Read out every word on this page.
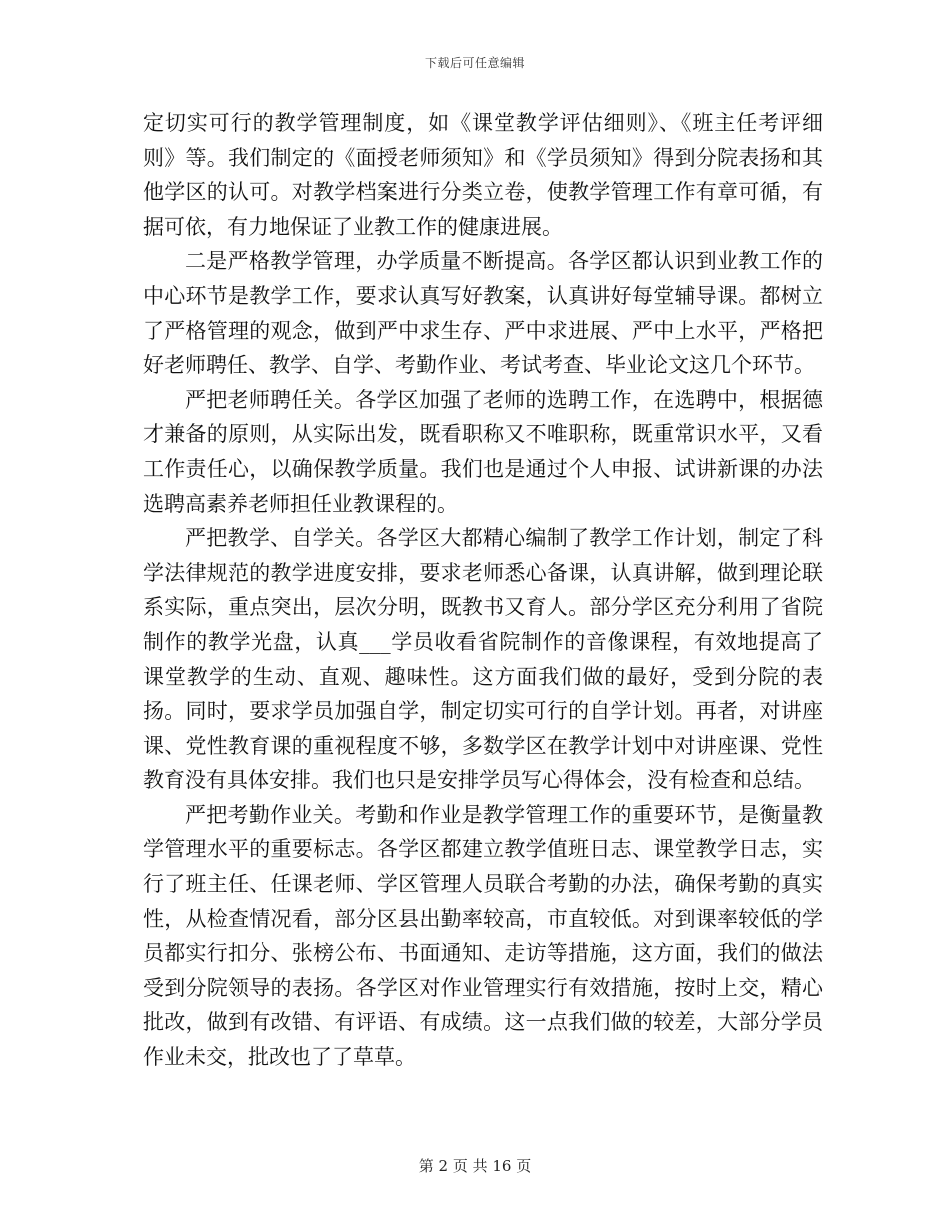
下载后可任意编辑

定切实可行的教学管理制度，如《课堂教学评估细则》、《班主任考评细则》等。我们制定的《面授老师须知》和《学员须知》得到分院表扬和其他学区的认可。对教学档案进行分类立卷，使教学管理工作有章可循，有据可依，有力地保证了业教工作的健康进展。

二是严格教学管理，办学质量不断提高。各学区都认识到业教工作的中心环节是教学工作，要求认真写好教案，认真讲好每堂辅导课。都树立了严格管理的观念，做到严中求生存、严中求进展、严中上水平，严格把好老师聘任、教学、自学、考勤作业、考试考查、毕业论文这几个环节。

严把老师聘任关。各学区加强了老师的选聘工作，在选聘中，根据德才兼备的原则，从实际出发，既看职称又不唯职称，既重常识水平，又看工作责任心，以确保教学质量。我们也是通过个人申报、试讲新课的办法选聘高素养老师担任业教课程的。

严把教学、自学关。各学区大都精心编制了教学工作计划，制定了科学法律规范的教学进度安排，要求老师悉心备课，认真讲解，做到理论联系实际，重点突出，层次分明，既教书又育人。部分学区充分利用了省院制作的教学光盘，认真___学员收看省院制作的音像课程，有效地提高了课堂教学的生动、直观、趣味性。这方面我们做的最好，受到分院的表扬。同时，要求学员加强自学，制定切实可行的自学计划。再者，对讲座课、党性教育课的重视程度不够，多数学区在教学计划中对讲座课、党性教育没有具体安排。我们也只是安排学员写心得体会，没有检查和总结。

严把考勤作业关。考勤和作业是教学管理工作的重要环节，是衡量教学管理水平的重要标志。各学区都建立教学值班日志、课堂教学日志，实行了班主任、任课老师、学区管理人员联合考勤的办法，确保考勤的真实性，从检查情况看，部分区县出勤率较高，市直较低。对到课率较低的学员都实行扣分、张榜公布、书面通知、走访等措施，这方面，我们的做法受到分院领导的表扬。各学区对作业管理实行有效措施，按时上交，精心批改，做到有改错、有评语、有成绩。这一点我们做的较差，大部分学员作业未交，批改也了了草草。

第 2 页 共 16 页
